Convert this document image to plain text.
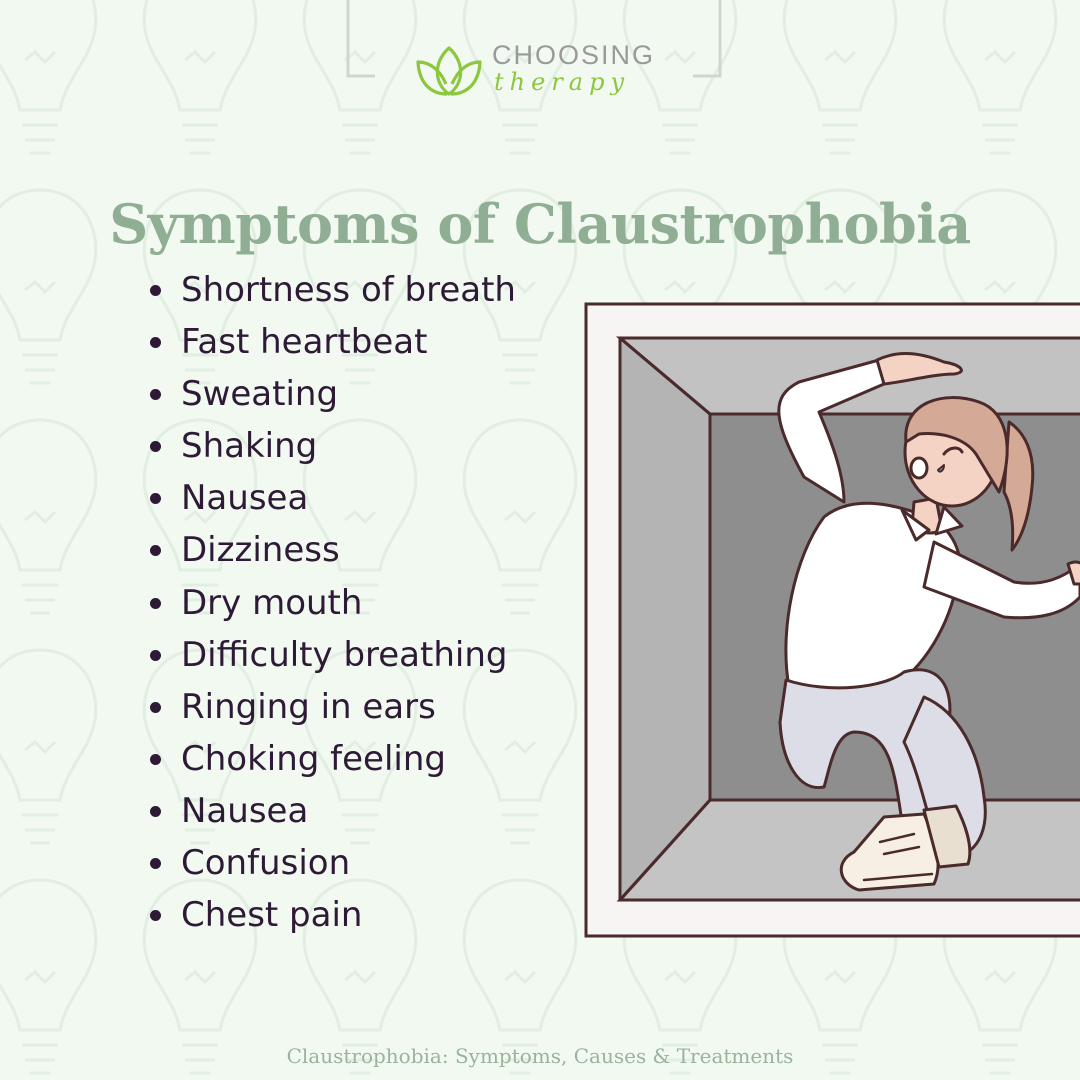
CHOOSING
therapy
Symptoms of Claustrophobia
Shortness of breath
Fast heartbeat
Sweating
Shaking
Nausea
Dizziness
Dry mouth
Difficulty breathing
Ringing in ears
Choking feeling
Nausea
Confusion
Chest pain
Claustrophobia: Symptoms, Causes & Treatments
